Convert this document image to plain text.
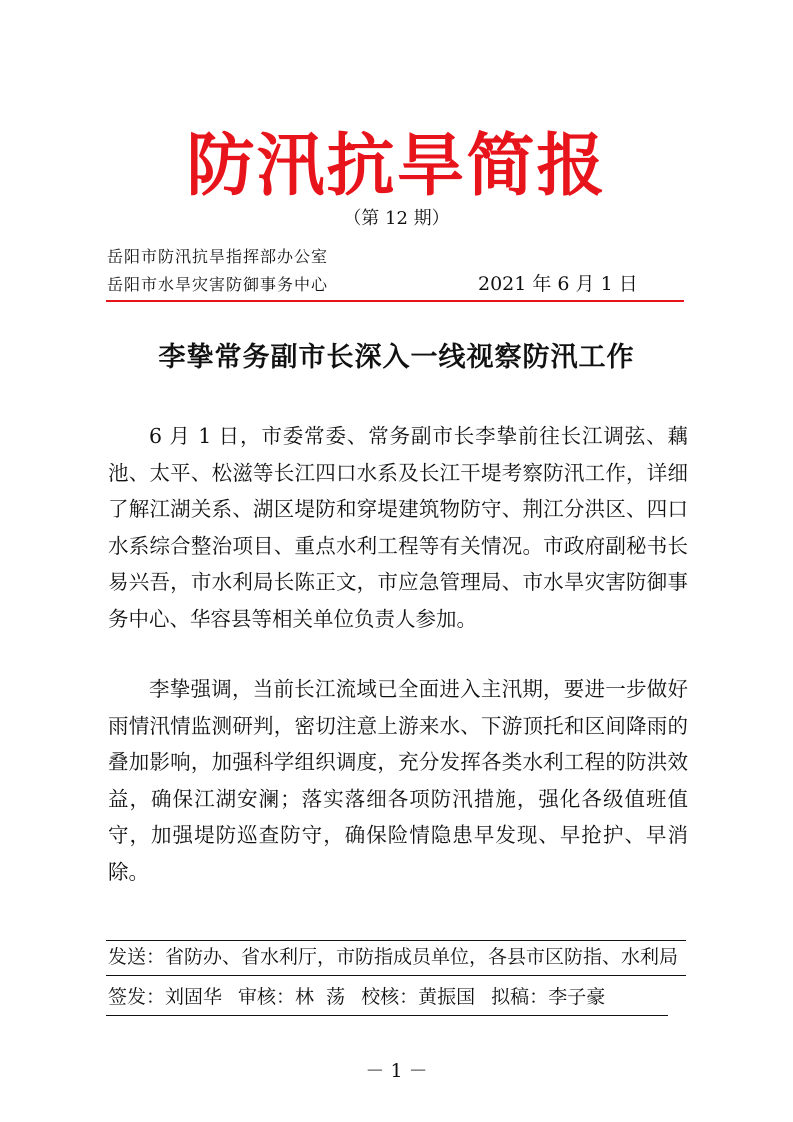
防汛抗旱简报
（第 12 期）
岳阳市防汛抗旱指挥部办公室
岳阳市水旱灾害防御事务中心	2021 年 6 月 1 日
李挚常务副市长深入一线视察防汛工作

6 月 1 日，市委常委、常务副市长李挚前往长江调弦、藕池、太平、松滋等长江四口水系及长江干堤考察防汛工作，详细了解江湖关系、湖区堤防和穿堤建筑物防守、荆江分洪区、四口水系综合整治项目、重点水利工程等有关情况。市政府副秘书长易兴吾，市水利局长陈正文，市应急管理局、市水旱灾害防御事务中心、华容县等相关单位负责人参加。

李挚强调，当前长江流域已全面进入主汛期，要进一步做好雨情汛情监测研判，密切注意上游来水、下游顶托和区间降雨的叠加影响，加强科学组织调度，充分发挥各类水利工程的防洪效益，确保江湖安澜；落实落细各项防汛措施，强化各级值班值守，加强堤防巡查防守，确保险情隐患早发现、早抢护、早消除。

发送：省防办、省水利厅，市防指成员单位，各县市区防指、水利局
签发：刘固华 审核：林  荡 校核：黄振国 拟稿：李子豪
－ 1 －
